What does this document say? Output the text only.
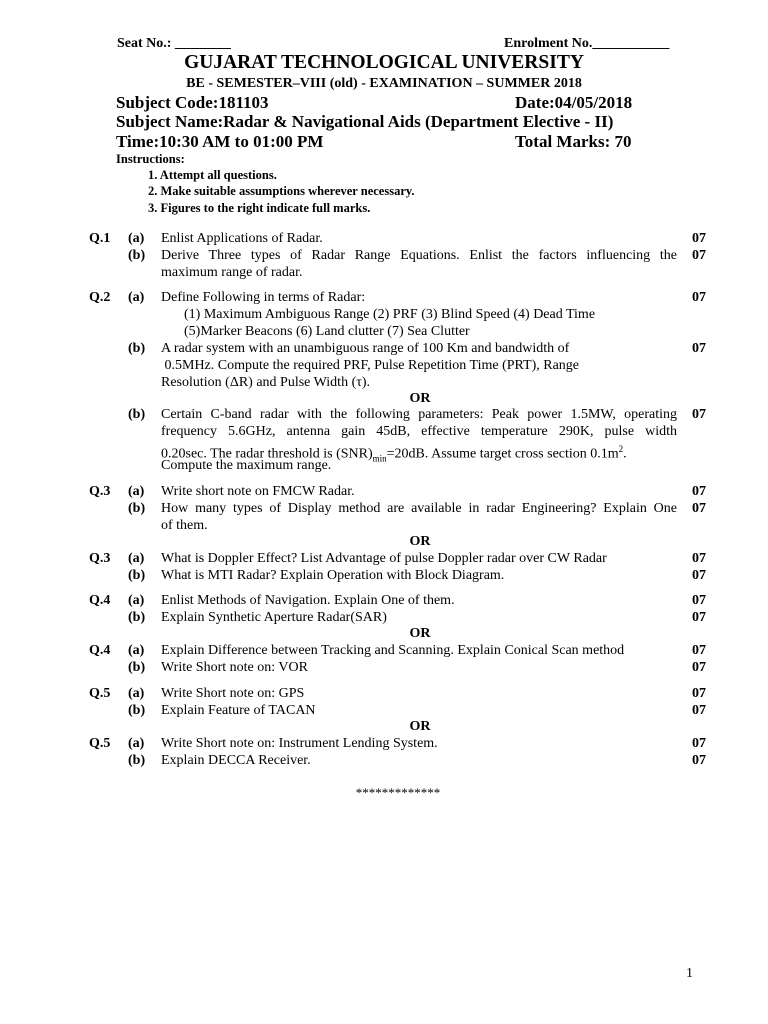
Seat No.: ________	Enrolment No.___________
GUJARAT TECHNOLOGICAL UNIVERSITY
BE - SEMESTER–VIII (old) - EXAMINATION – SUMMER 2018
Subject Code:181103	Date:04/05/2018
Subject Name:Radar & Navigational Aids (Department Elective - II)
Time:10:30 AM to 01:00 PM	Total Marks: 70
Instructions:
1. Attempt all questions.
2. Make suitable assumptions wherever necessary.
3. Figures to the right indicate full marks.
Q.1 (a) Enlist Applications of Radar.	07
(b) Derive Three types of Radar Range Equations. Enlist the factors influencing the
maximum range of radar.
07
Q.2 (a) Define Following in terms of Radar:	07
(1) Maximum Ambiguous Range (2) PRF (3) Blind Speed (4) Dead Time
(5)Marker Beacons (6) Land clutter (7) Sea Clutter
(b) A radar system with an unambiguous range of 100 Km and bandwidth of
0.5MHz. Compute the required PRF, Pulse Repetition Time (PRT), Range
Resolution (ΔR) and Pulse Width (τ).
07
OR
(b) Certain C-band radar with the following parameters: Peak power 1.5MW, operating
frequency 5.6GHz, antenna gain 45dB, effective temperature 290K, pulse width
0.20sec. The radar threshold is $(SNR)_{min}=20dB$. Assume target cross section $0.1m^2$.
Compute the maximum range.
07
Q.3 (a) Write short note on FMCW Radar.	07
(b) How many types of Display method are available in radar Engineering? Explain One
of them.
07
OR
Q.3 (a) What is Doppler Effect? List Advantage of pulse Doppler radar over CW Radar	07
(b) What is MTI Radar? Explain Operation with Block Diagram.	07
Q.4 (a) Enlist Methods of Navigation. Explain One of them.	07
(b) Explain Synthetic Aperture Radar(SAR)	07
OR
Q.4 (a) Explain Difference between Tracking and Scanning. Explain Conical Scan method	07
(b) Write Short note on: VOR	07
Q.5 (a) Write Short note on: GPS	07
(b) Explain Feature of TACAN	07
OR
Q.5 (a) Write Short note on: Instrument Lending System.	07
(b) Explain DECCA Receiver.	07
*************
1
